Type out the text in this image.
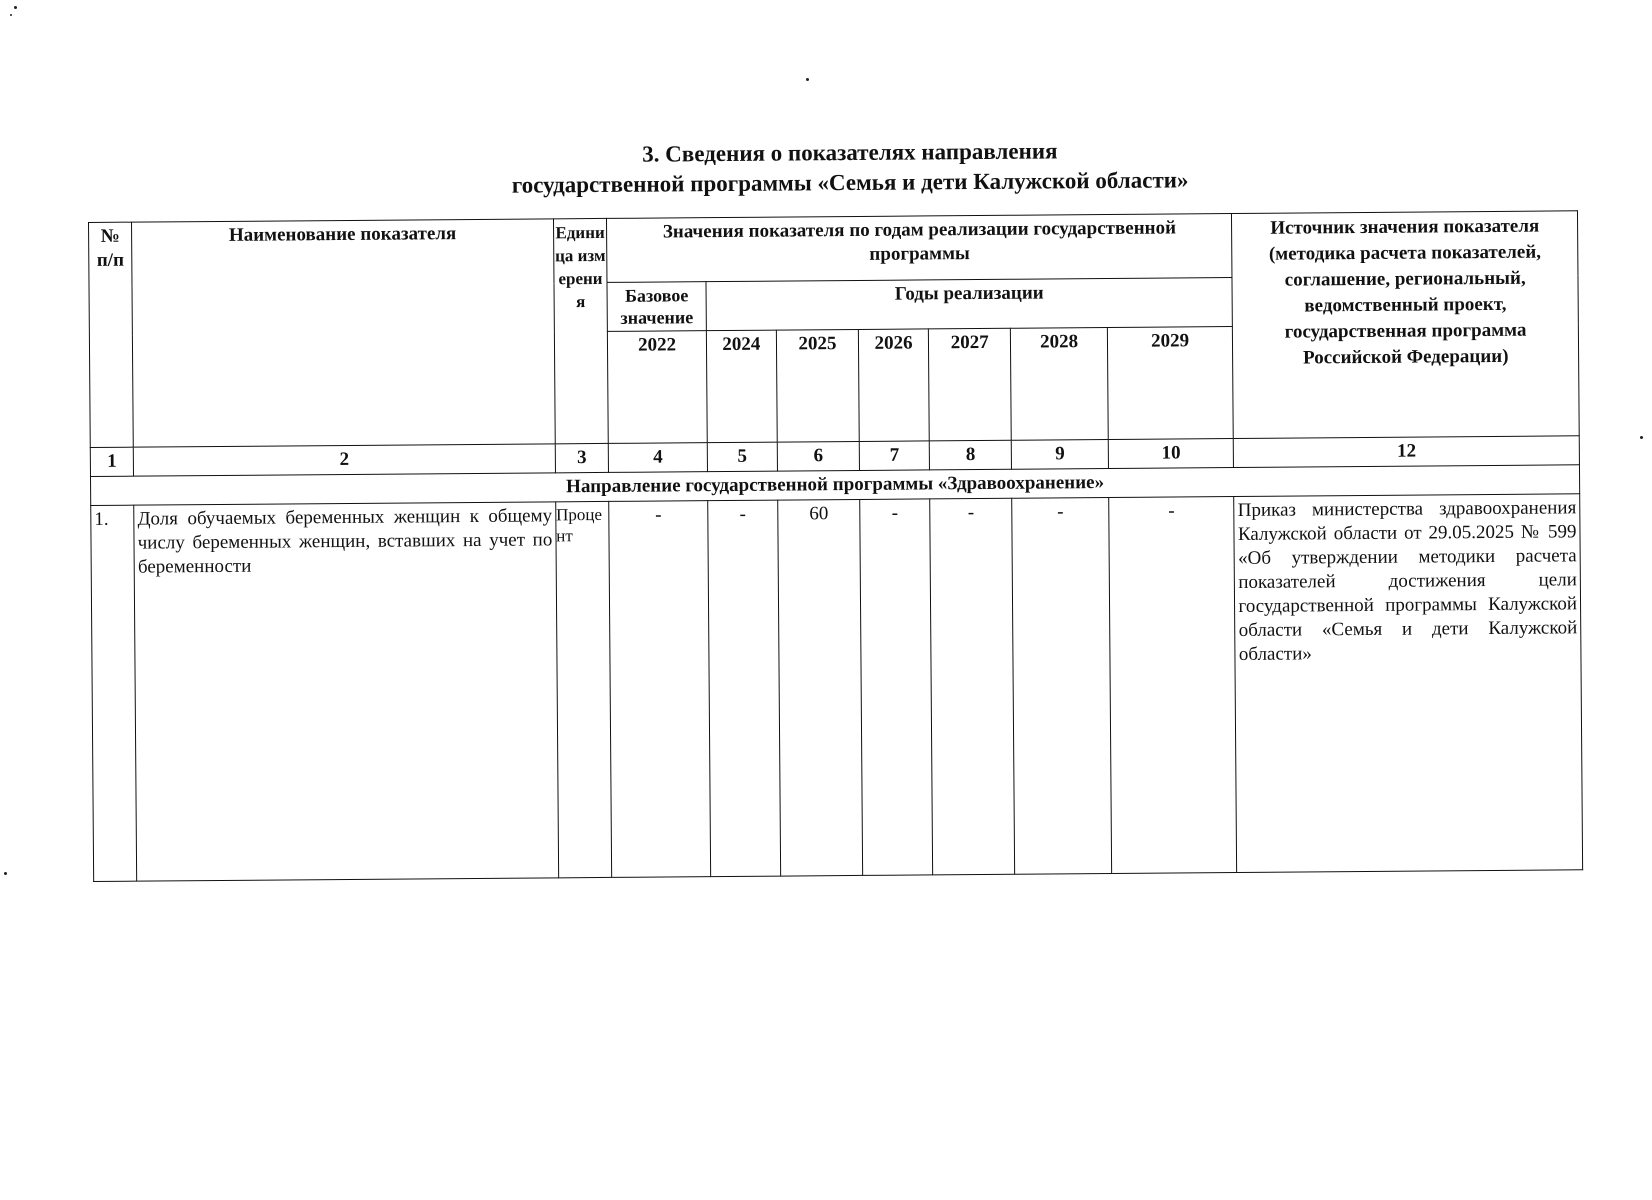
3. Сведения о показателях направления
государственной программы «Семья и дети Калужской области»
№ п/п	Наименование показателя	Единица измерения	Значения показателя по годам реализации государственной программы							Источник значения показателя (методика расчета показателей, соглашение, региональный, ведомственный проект, государственная программа Российской Федерации)
			Базовое значение	Годы реализации						
			2022	2024	2025	2026	2027	2028	2029	
1	2	3	4	5	6	7	8	9	10	12
Направление государственной программы «Здравоохранение»										
1.	Доля обучаемых беременных женщин к общему числу беременных женщин, вставших на учет по беременности	Процент	-	-	60	-	-	-	-	Приказ министерства здравоохранения Калужской области от 29.05.2025 № 599 «Об утверждении методики расчета показателей достижения цели государственной программы Калужской области «Семья и дети Калужской области»
